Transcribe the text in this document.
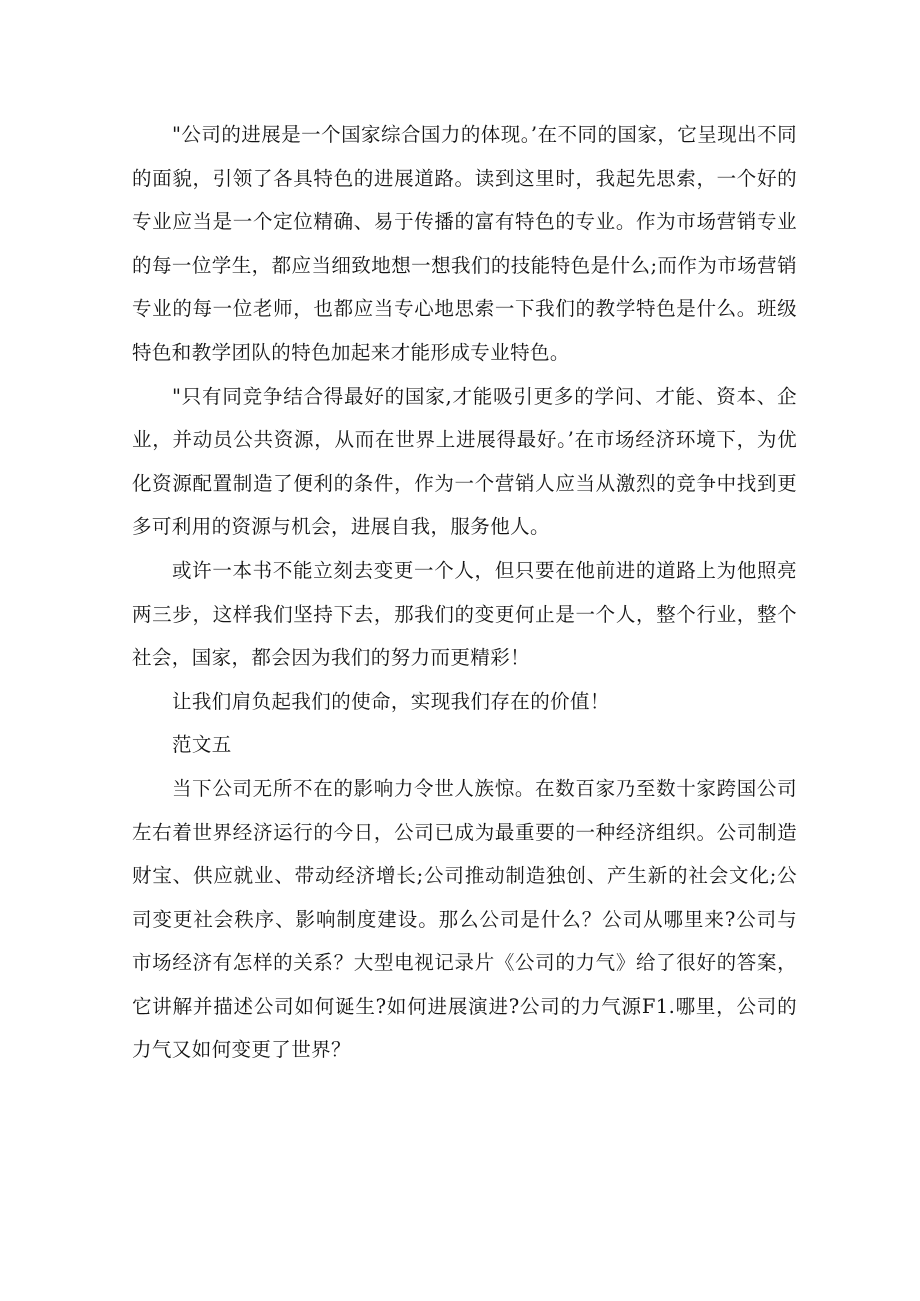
"公司的进展是一个国家综合国力的体现。’在不同的国家，它呈现出不同的面貌，引领了各具特色的进展道路。读到这里时，我起先思索，一个好的专业应当是一个定位精确、易于传播的富有特色的专业。作为市场营销专业的每一位学生，都应当细致地想一想我们的技能特色是什么;而作为市场营销专业的每一位老师，也都应当专心地思索一下我们的教学特色是什么。班级特色和教学团队的特色加起来才能形成专业特色。

"只有同竞争结合得最好的国家,才能吸引更多的学问、才能、资本、企业，并动员公共资源，从而在世界上进展得最好。’在市场经济环境下，为优化资源配置制造了便利的条件，作为一个营销人应当从激烈的竞争中找到更多可利用的资源与机会，进展自我，服务他人。

或许一本书不能立刻去变更一个人，但只要在他前进的道路上为他照亮两三步，这样我们坚持下去，那我们的变更何止是一个人，整个行业，整个社会，国家，都会因为我们的努力而更精彩！

让我们肩负起我们的使命，实现我们存在的价值！

范文五

当下公司无所不在的影响力令世人族惊。在数百家乃至数十家跨国公司左右着世界经济运行的今日，公司已成为最重要的一种经济组织。公司制造财宝、供应就业、带动经济增长;公司推动制造独创、产生新的社会文化;公司变更社会秩序、影响制度建设。那么公司是什么？公司从哪里来?公司与市场经济有怎样的关系？大型电视记录片《公司的力气》给了很好的答案，它讲解并描述公司如何诞生?如何进展演进?公司的力气源F1.哪里，公司的力气又如何变更了世界？
